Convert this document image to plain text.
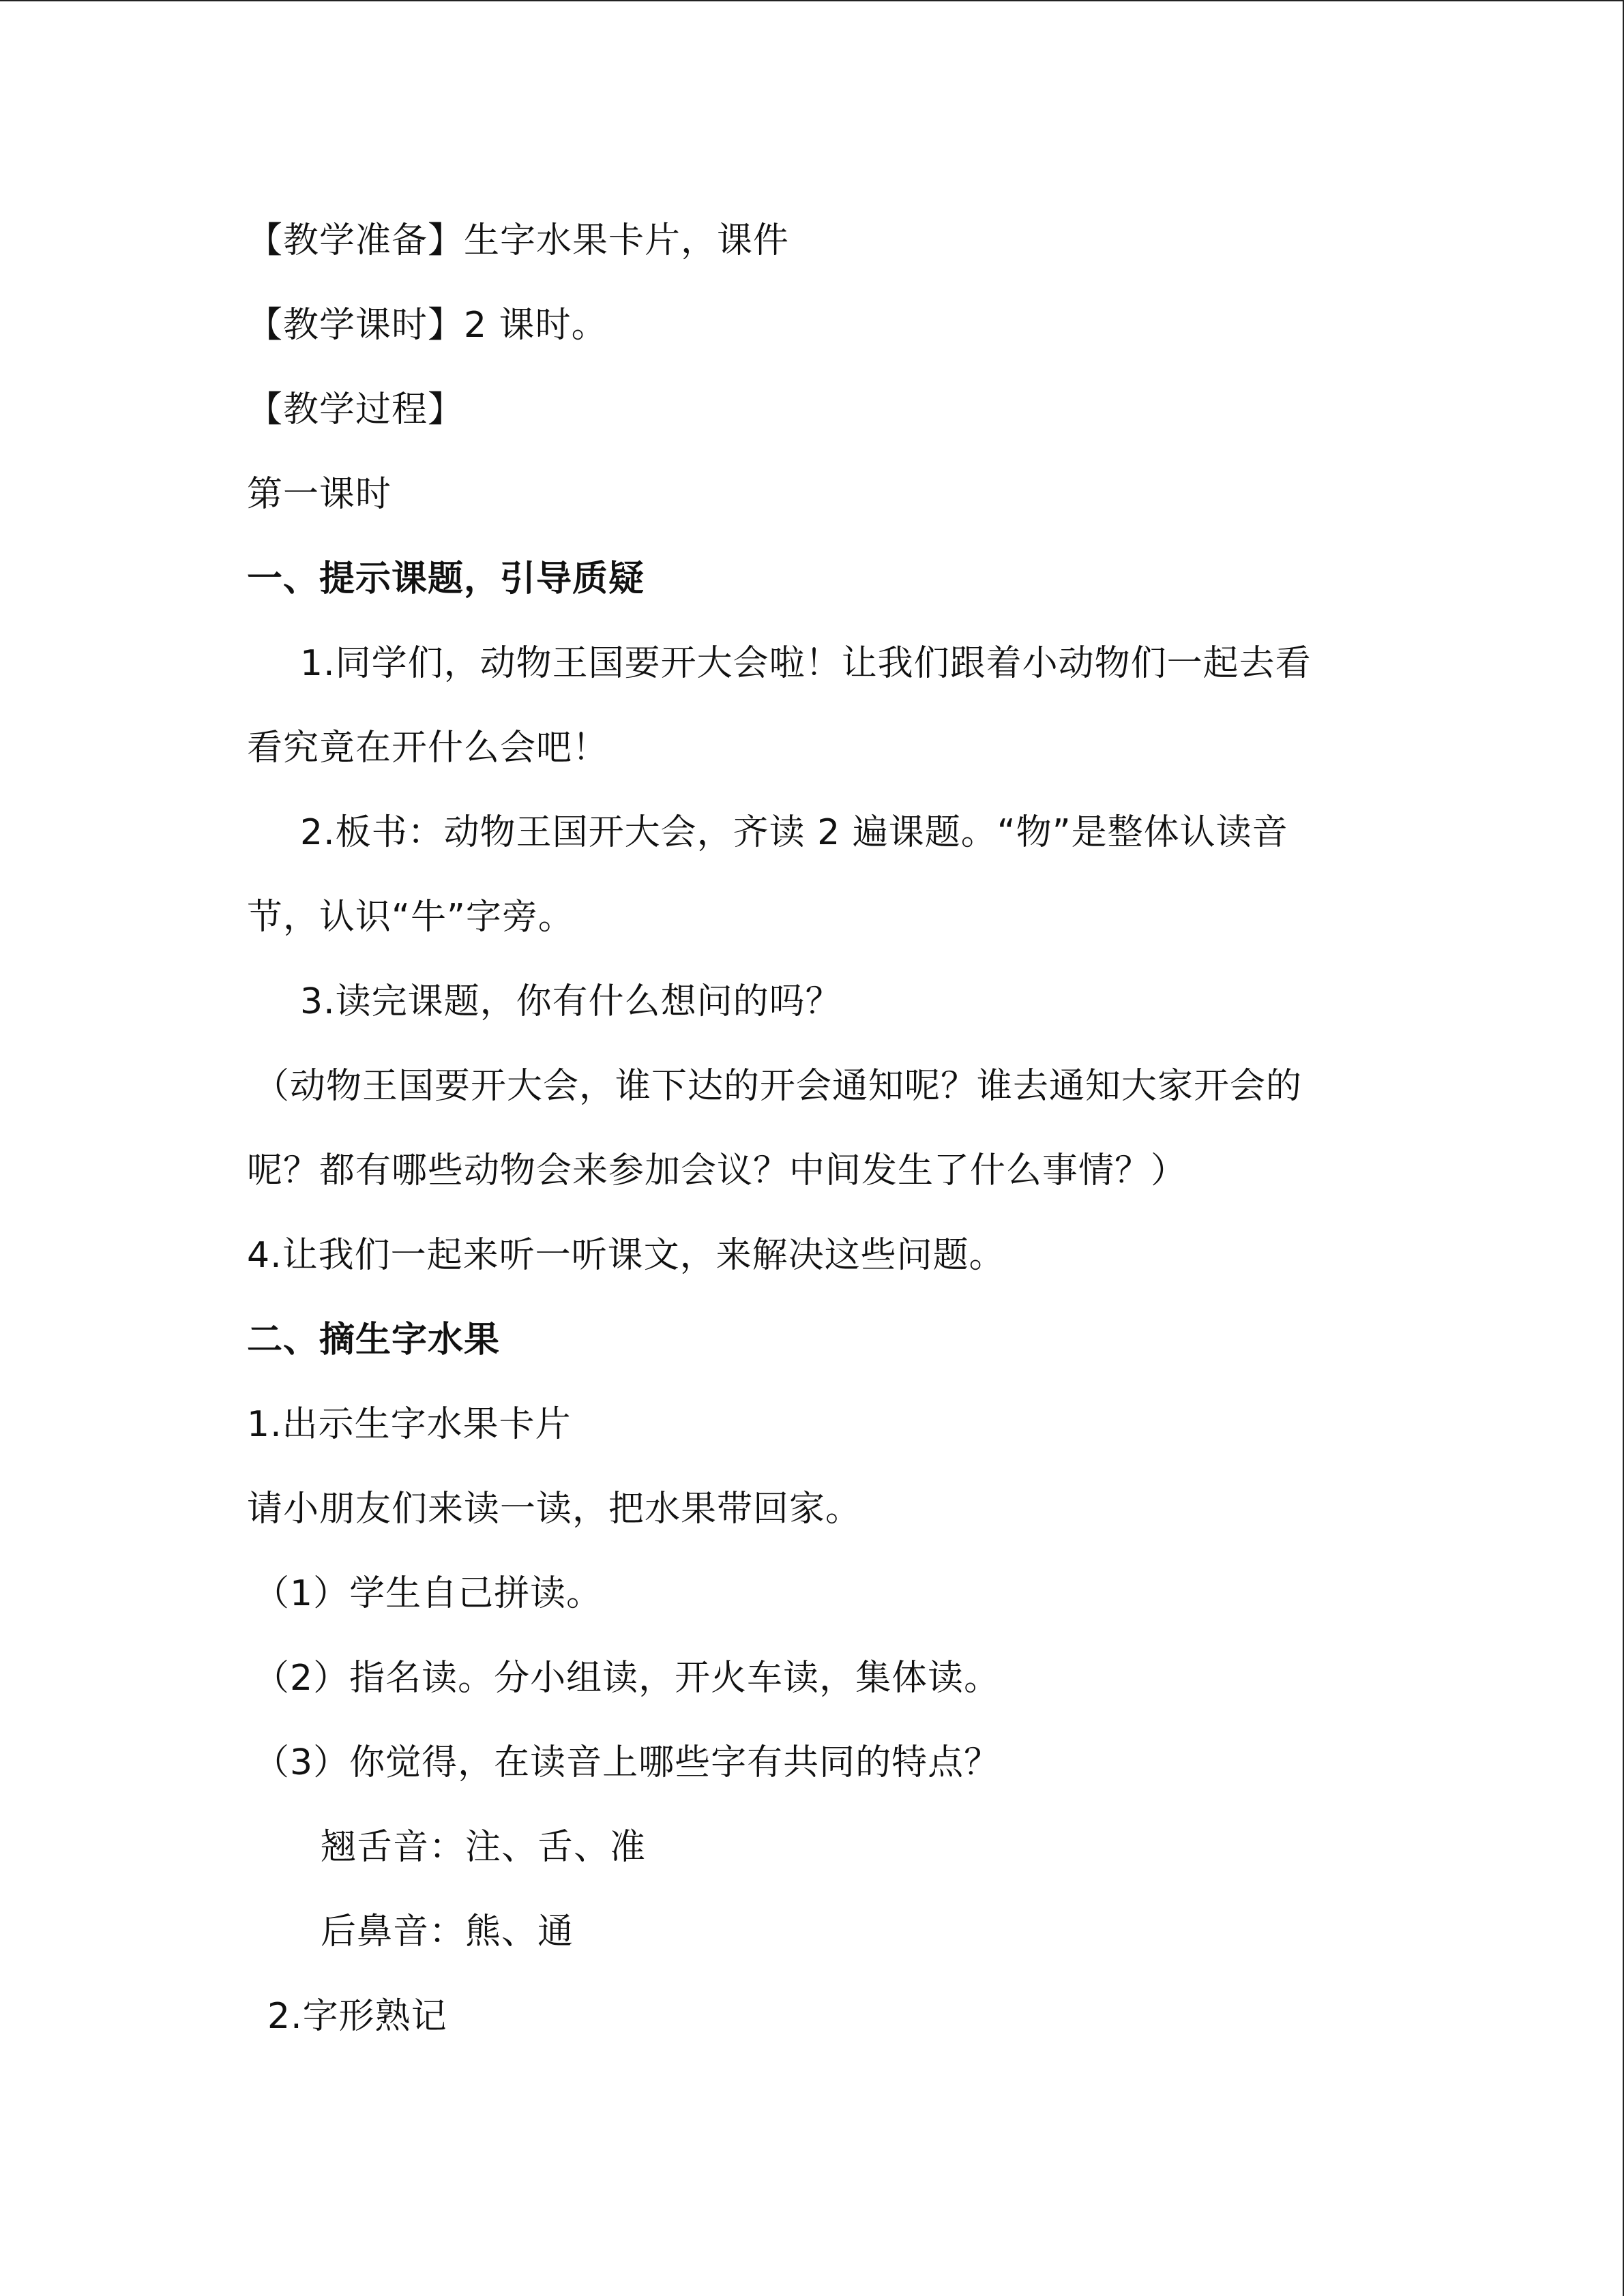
【教学准备】生字水果卡片，课件
【教学课时】2 课时。
【教学过程】
第一课时
一、提示课题，引导质疑
1.同学们，动物王国要开大会啦！让我们跟着小动物们一起去看
看究竟在开什么会吧！
2.板书：动物王国开大会，齐读 2 遍课题。“物”是整体认读音
节，认识“牛”字旁。
3.读完课题，你有什么想问的吗？
（动物王国要开大会，谁下达的开会通知呢？谁去通知大家开会的
呢？都有哪些动物会来参加会议？中间发生了什么事情？）
4.让我们一起来听一听课文，来解决这些问题。
二、摘生字水果
1.出示生字水果卡片
请小朋友们来读一读，把水果带回家。
（1）学生自己拼读。
（2）指名读。分小组读，开火车读，集体读。
（3）你觉得，在读音上哪些字有共同的特点？
翘舌音：注、舌、准
后鼻音：熊、通
2.字形熟记
